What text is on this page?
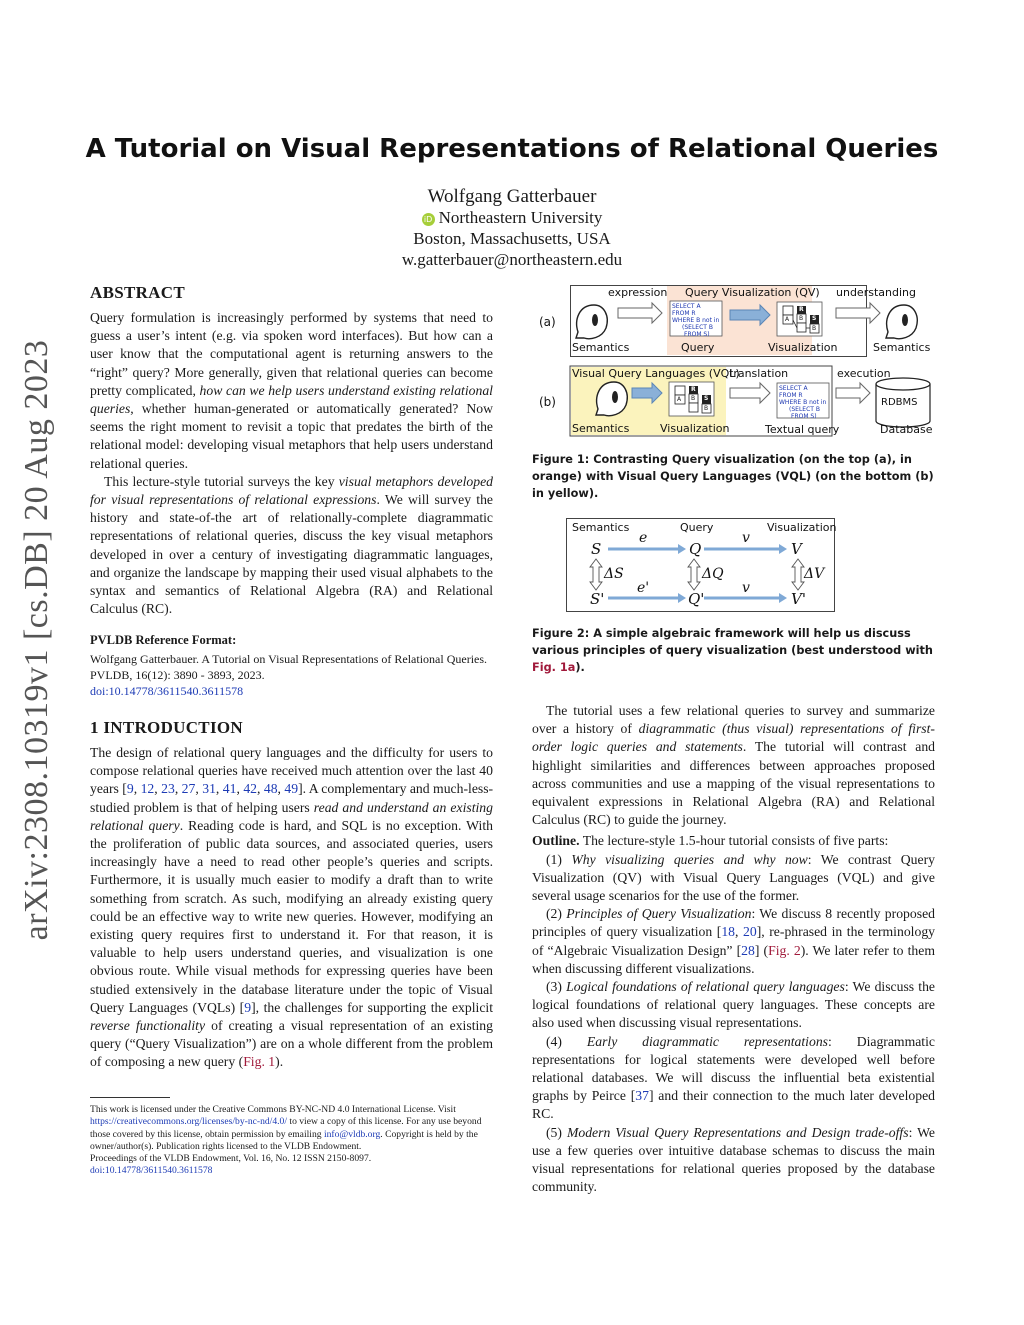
arXiv:2308.10319v1 [cs.DB] 20 Aug 2023
A Tutorial on Visual Representations of Relational Queries
Wolfgang Gatterbauer
iD Northeastern University
Boston, Massachusetts, USA
w.gatterbauer@northeastern.edu
ABSTRACT

Query formulation is increasingly performed by systems that need to guess a user’s intent (e.g. via spoken word interfaces). But how can a user know that the computational agent is returning answers to the “right” query? More generally, given that relational queries can become pretty complicated, how can we help users understand existing relational queries, whether human-generated or automatically generated? Now seems the right moment to revisit a topic that predates the birth of the relational model: developing visual metaphors that help users understand relational queries.

This lecture-style tutorial surveys the key visual metaphors developed for visual representations of relational expressions. We will survey the history and state-of-the art of relationally-complete diagrammatic representations of relational queries, discuss the key visual metaphors developed in over a century of investigating diagrammatic languages, and organize the landscape by mapping their used visual alphabets to the syntax and semantics of Relational Algebra (RA) and Relational Calculus (RC).

PVLDB Reference Format:
Wolfgang Gatterbauer. A Tutorial on Visual Representations of Relational Queries. PVLDB, 16(12): 3890 - 3893, 2023.
doi:10.14778/3611540.3611578
1 INTRODUCTION

The design of relational query languages and the difficulty for users to compose relational queries have received much attention over the last 40 years [9, 12, 23, 27, 31, 41, 42, 48, 49]. A complementary and much-less-studied problem is that of helping users read and understand an existing relational query. Reading code is hard, and SQL is no exception. With the proliferation of public data sources, and associated queries, users increasingly have a need to read other people’s queries and scripts. Furthermore, it is usually much easier to modify a draft than to write something from scratch. As such, modifying an already existing query could be an effective way to write new queries. However, modifying an existing query requires first to understand it. For that reason, it is valuable to help users understand queries, and visualization is one obvious route. While visual methods for expressing queries have been studied extensively in the database literature under the topic of Visual Query Languages (VQLs) [9], the challenges for supporting the explicit reverse functionality of creating a visual representation of an existing query (“Query Visualization”) are on a whole different from the problem of composing a new query (Fig. 1).

This work is licensed under the Creative Commons BY-NC-ND 4.0 International License. Visit
https://creativecommons.org/licenses/by-nc-nd/4.0/ to view a copy of this license. For any use beyond those covered by this license, obtain permission by emailing info@vldb.org. Copyright is held by the owner/author(s). Publication rights licensed to the VLDB Endowment.
Proceedings of the VLDB Endowment, Vol. 16, No. 12 ISSN 2150-8097.
doi:10.14778/3611540.3611578
(a)
expression Query Visualization (QV) understanding
Semantics	Query	Visualization	Semantics
SELECT A
FROM R
WHERE B not in
(SELECT B
FROM S)
SELECT A
FROM R
WHERE B not in
(SELECT B
FROM S)
R
A B S
B
R
A B S
B
(b)
Visual Query Languages (VQL)
translation	execution
Semantics	Visualization	Textual query
RDBMS
Database
Figure 1: Contrasting Query visualization (on the top (a), in orange) with Visual Query Languages (VQL) (on the bottom (b) in yellow).
Semantics	Query	Visualization
S	Q	V
e	v
ΔS	ΔQ	ΔV
S'	Q'	V'
e'	v
Figure 2: A simple algebraic framework will help us discuss various principles of query visualization (best understood with Fig. 1a).

The tutorial uses a few relational queries to survey and summarize over a history of diagrammatic (thus visual) representations of first-order logic queries and statements. The tutorial will contrast and highlight similarities and differences between approaches proposed across communities and use a mapping of the visual representations to equivalent expressions in Relational Algebra (RA) and Relational Calculus (RC) to guide the journey.

Outline. The lecture-style 1.5-hour tutorial consists of five parts:

(1) Why visualizing queries and why now: We contrast Query Visualization (QV) with Visual Query Languages (VQL) and give several usage scenarios for the use of the former.

(2) Principles of Query Visualization: We discuss 8 recently proposed principles of query visualization [18, 20], re-phrased in the terminology of “Algebraic Visualization Design” [28] (Fig. 2). We later refer to them when discussing different visualizations.

(3) Logical foundations of relational query languages: We discuss the logical foundations of relational query languages. These concepts are also used when discussing visual representations.

(4) Early diagrammatic representations: Diagrammatic representations for logical statements were developed well before relational databases. We will discuss the influential beta existential graphs by Peirce [37] and their connection to the much later developed RC.

(5) Modern Visual Query Representations and Design trade-offs: We use a few queries over intuitive database schemas to discuss the main visual representations for relational queries proposed by the database community.
